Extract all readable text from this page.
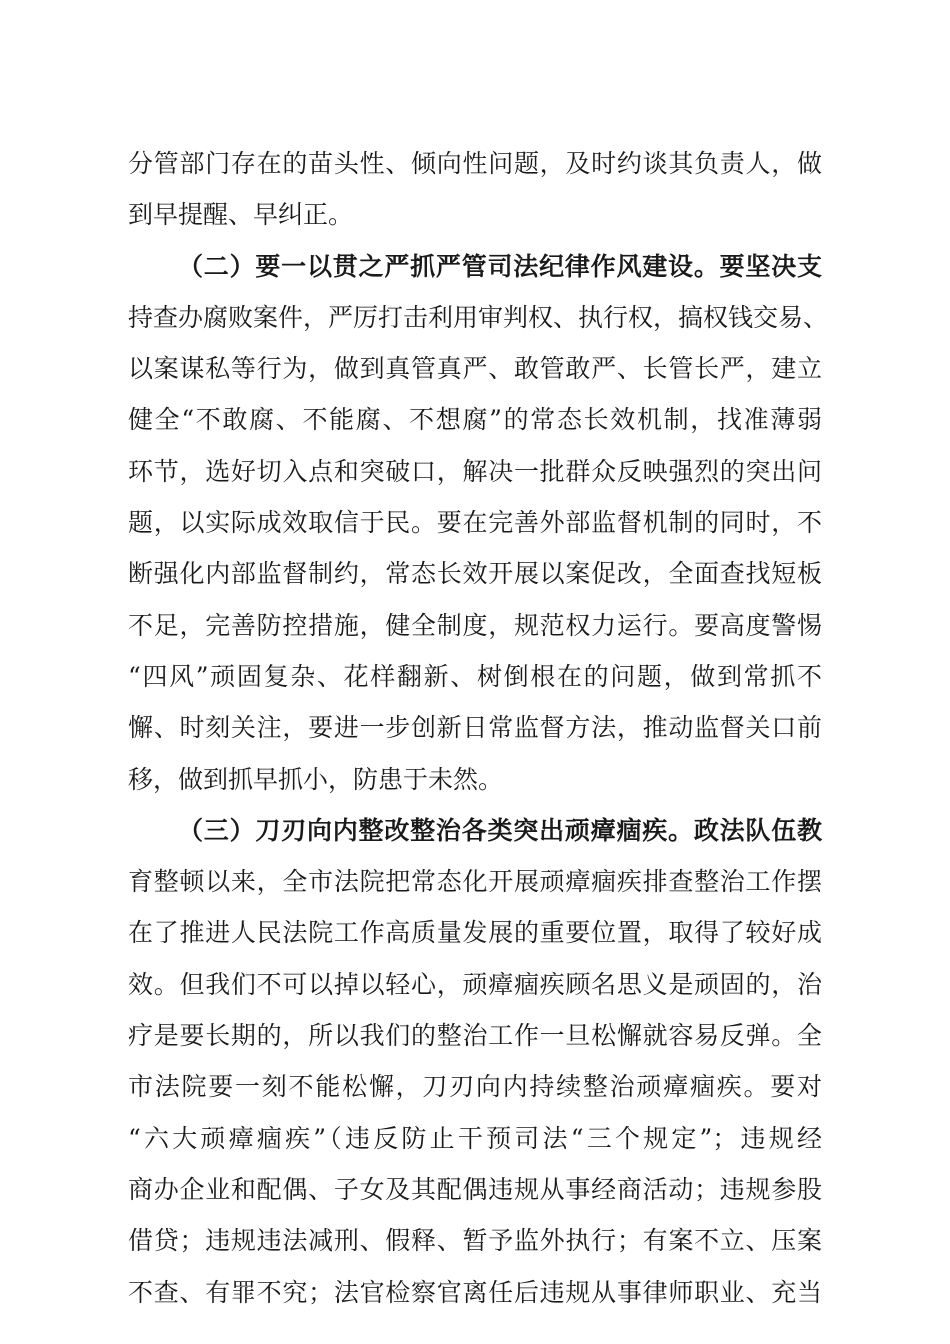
分管部门存在的苗头性、倾向性问题，及时约谈其负责人，做
到早提醒、早纠正。
（二）要一以贯之严抓严管司法纪律作风建设。要坚决支
持查办腐败案件，严厉打击利用审判权、执行权，搞权钱交易、
以案谋私等行为，做到真管真严、敢管敢严、长管长严，建立
健全“不敢腐、不能腐、不想腐”的常态长效机制，找准薄弱
环节，选好切入点和突破口，解决一批群众反映强烈的突出问
题，以实际成效取信于民。要在完善外部监督机制的同时，不
断强化内部监督制约，常态长效开展以案促改，全面查找短板
不足，完善防控措施，健全制度，规范权力运行。要高度警惕
“四风”顽固复杂、花样翻新、树倒根在的问题，做到常抓不
懈、时刻关注，要进一步创新日常监督方法，推动监督关口前
移，做到抓早抓小，防患于未然。
（三）刀刃向内整改整治各类突出顽瘴痼疾。政法队伍教
育整顿以来，全市法院把常态化开展顽瘴痼疾排查整治工作摆
在了推进人民法院工作高质量发展的重要位置，取得了较好成
效。但我们不可以掉以轻心，顽瘴痼疾顾名思义是顽固的，治
疗是要长期的，所以我们的整治工作一旦松懈就容易反弹。全
市法院要一刻不能松懈，刀刃向内持续整治顽瘴痼疾。要对
“六大顽瘴痼疾”（违反防止干预司法“三个规定”；违规经
商办企业和配偶、子女及其配偶违规从事经商活动；违规参股
借贷；违规违法减刑、假释、暂予监外执行；有案不立、压案
不查、有罪不究；法官检察官离任后违规从事律师职业、充当
